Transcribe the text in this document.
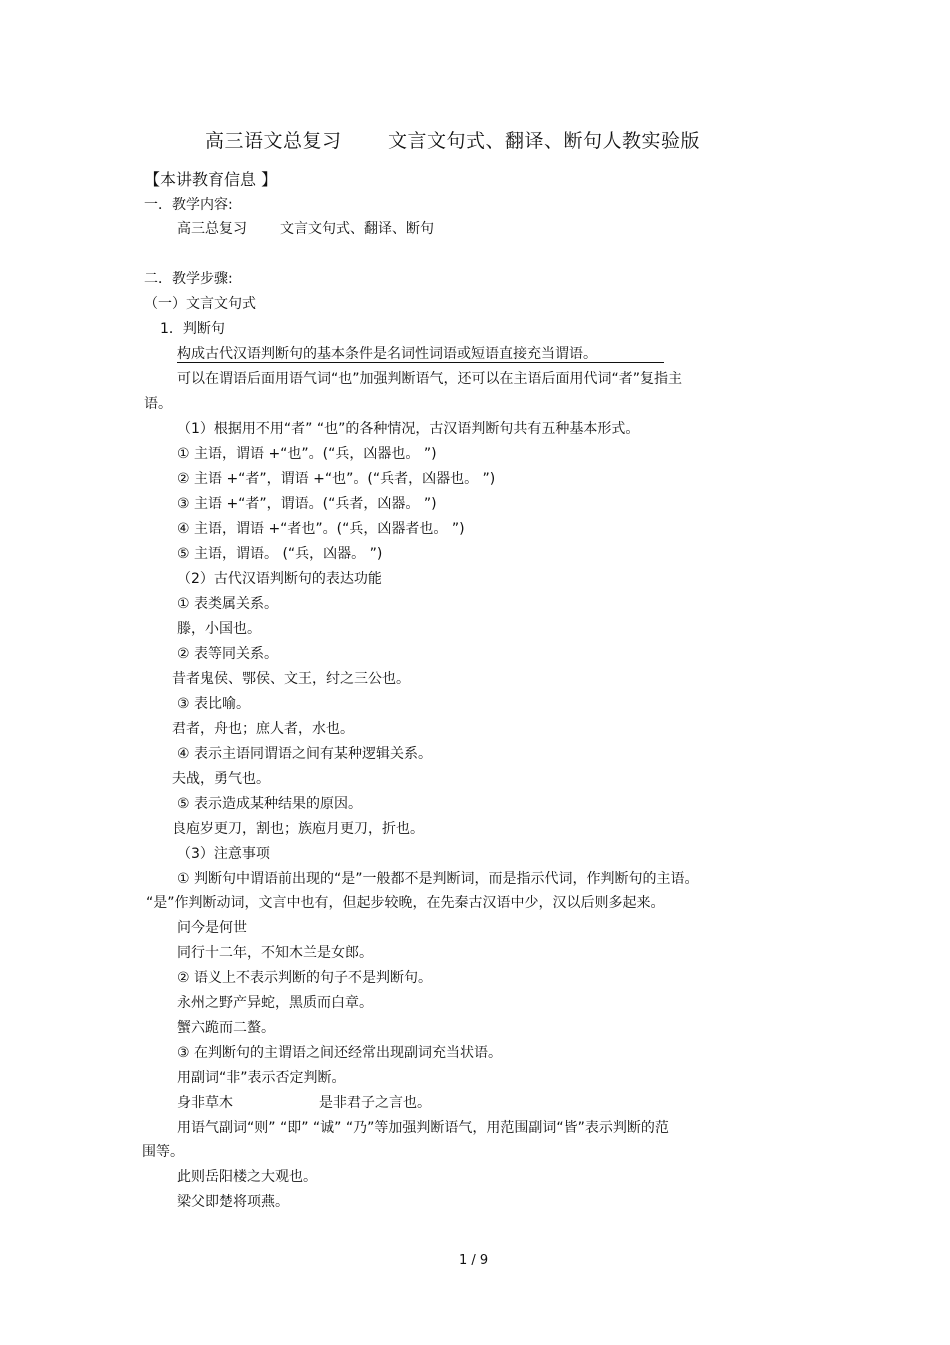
高三语文总复习 文言文句式、翻译、断句人教实验版
【本讲教育信息 】
一．教学内容:
高三总复习 文言文句式、翻译、断句
二．教学步骤:
（一）文言文句式
1．判断句
构成古代汉语判断句的基本条件是名词性词语或短语直接充当谓语。
可以在谓语后面用语气词“也”加强判断语气，还可以在主语后面用代词“者”复指主
语。
（1）根据用不用“者” “也”的各种情况，古汉语判断句共有五种基本形式。
① 主语，谓语 +“也”。(“兵，凶器也。 ”)
② 主语 +“者”，谓语 +“也”。(“兵者，凶器也。 ”)
③ 主语 +“者”，谓语。(“兵者，凶器。 ”)
④ 主语，谓语 +“者也”。(“兵，凶器者也。 ”)
⑤ 主语，谓语。 (“兵，凶器。 ”)
（2）古代汉语判断句的表达功能
① 表类属关系。
滕，小国也。
② 表等同关系。
昔者鬼侯、鄂侯、文王，纣之三公也。
③ 表比喻。
君者，舟也；庶人者，水也。
④ 表示主语同谓语之间有某种逻辑关系。
夫战，勇气也。
⑤ 表示造成某种结果的原因。
良庖岁更刀，割也；族庖月更刀，折也。
（3）注意事项
① 判断句中谓语前出现的“是”一般都不是判断词，而是指示代词，作判断句的主语。
“是”作判断动词，文言中也有，但起步较晚，在先秦古汉语中少，汉以后则多起来。
问今是何世
同行十二年，不知木兰是女郎。
② 语义上不表示判断的句子不是判断句。
永州之野产异蛇，黑质而白章。
蟹六跪而二螯。
③ 在判断句的主谓语之间还经常出现副词充当状语。
用副词“非”表示否定判断。
身非草木	是非君子之言也。
用语气副词“则” “即” “诚” “乃”等加强判断语气，用范围副词“皆”表示判断的范
围等。
此则岳阳楼之大观也。
梁父即楚将项燕。
1 / 9
